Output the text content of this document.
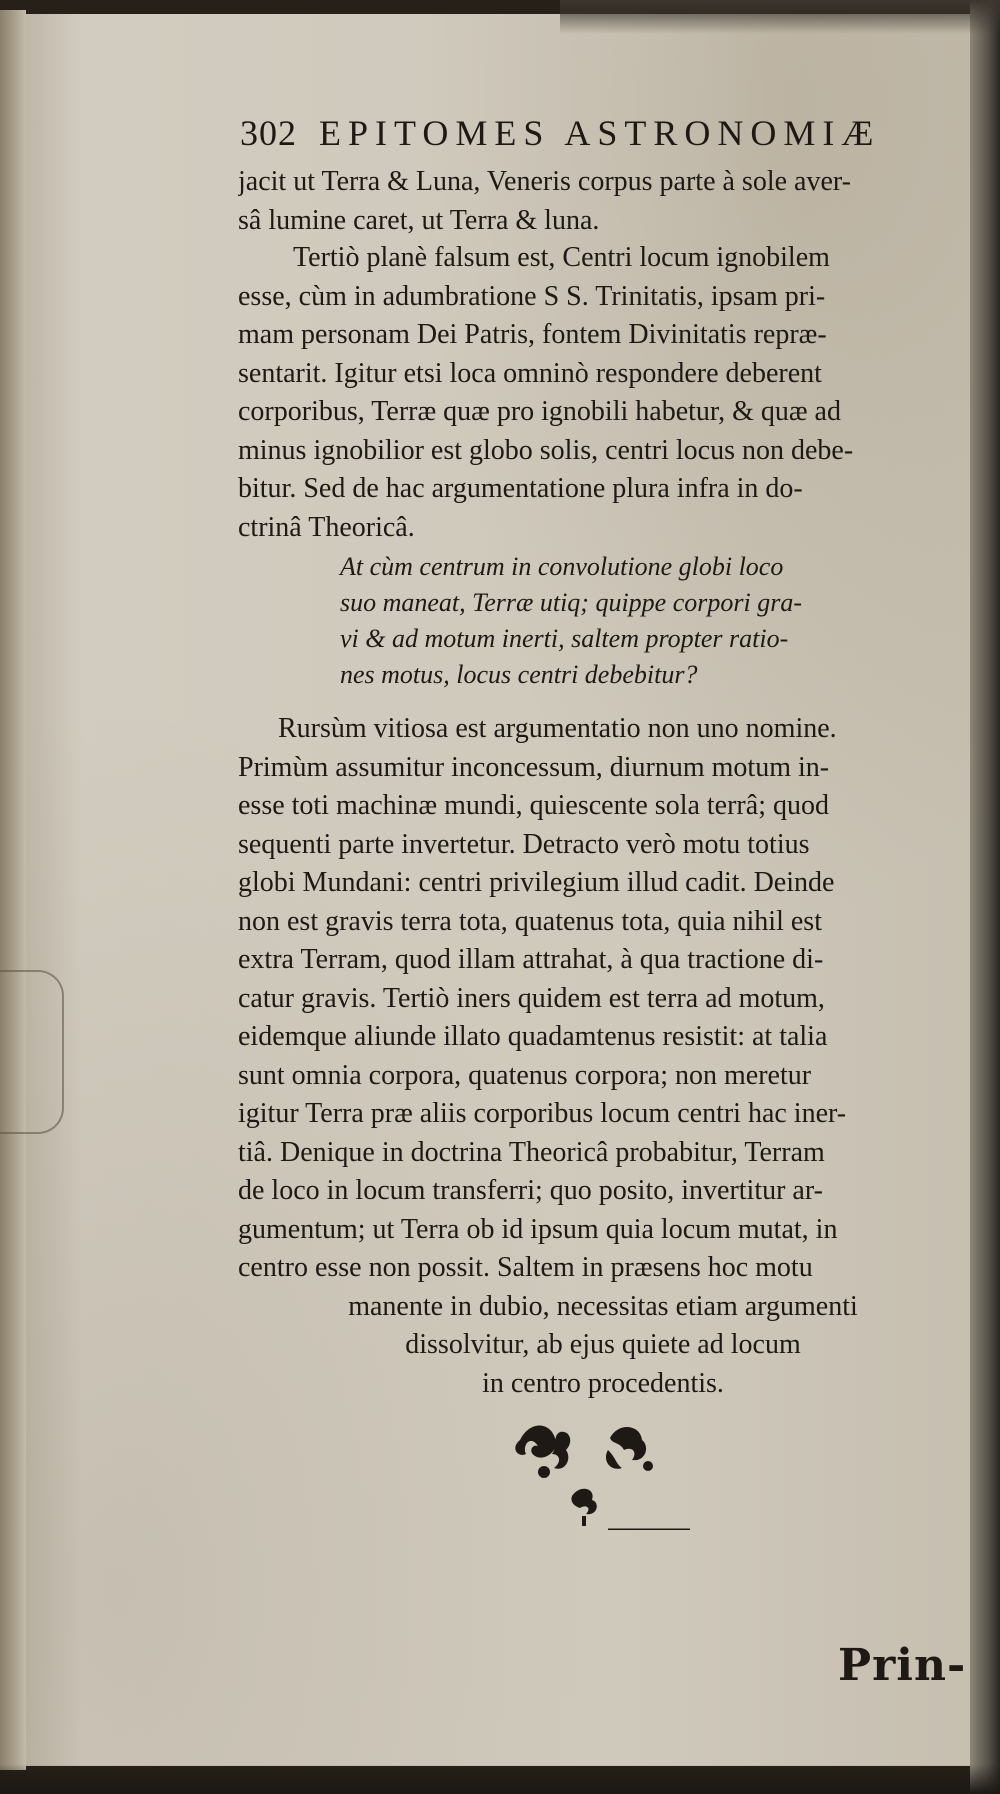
302 EPITOMES ASTRONOMIÆ
jacit ut Terra & Luna, Veneris corpus parte à sole aver-
sâ lumine caret, ut Terra & luna.
Tertiò planè falsum est, Centri locum ignobilem
esse, cùm in adumbratione S S. Trinitatis, ipsam pri-
mam personam Dei Patris, fontem Divinitatis repræ-
sentarit. Igitur etsi loca omninò respondere deberent
corporibus, Terræ quæ pro ignobili habetur, & quæ ad
minus ignobilior est globo solis, centri locus non debe-
bitur. Sed de hac argumentatione plura infra in do-
ctrinâ Theoricâ.
At cùm centrum in convolutione globi loco
suo maneat, Terræ utiq; quippe corpori gra-
vi & ad motum inerti, saltem propter ratio-
nes motus, locus centri debebitur?
Rursùm vitiosa est argumentatio non uno nomine.
Primùm assumitur inconcessum, diurnum motum in-
esse toti machinæ mundi, quiescente sola terrâ; quod
sequenti parte invertetur. Detracto verò motu totius
globi Mundani: centri privilegium illud cadit. Deinde
non est gravis terra tota, quatenus tota, quia nihil est
extra Terram, quod illam attrahat, à qua tractione di-
catur gravis. Tertiò iners quidem est terra ad motum,
eidemque aliunde illato quadamtenus resistit: at talia
sunt omnia corpora, quatenus corpora; non meretur
igitur Terra præ aliis corporibus locum centri hac iner-
tiâ. Denique in doctrina Theoricâ probabitur, Terram
de loco in locum transferri; quo posito, invertitur ar-
gumentum; ut Terra ob id ipsum quia locum mutat, in
centro esse non possit. Saltem in præsens hoc motu
manente in dubio, necessitas etiam argumenti
dissolvitur, ab ejus quiete ad locum
in centro procedentis.
Prin-
